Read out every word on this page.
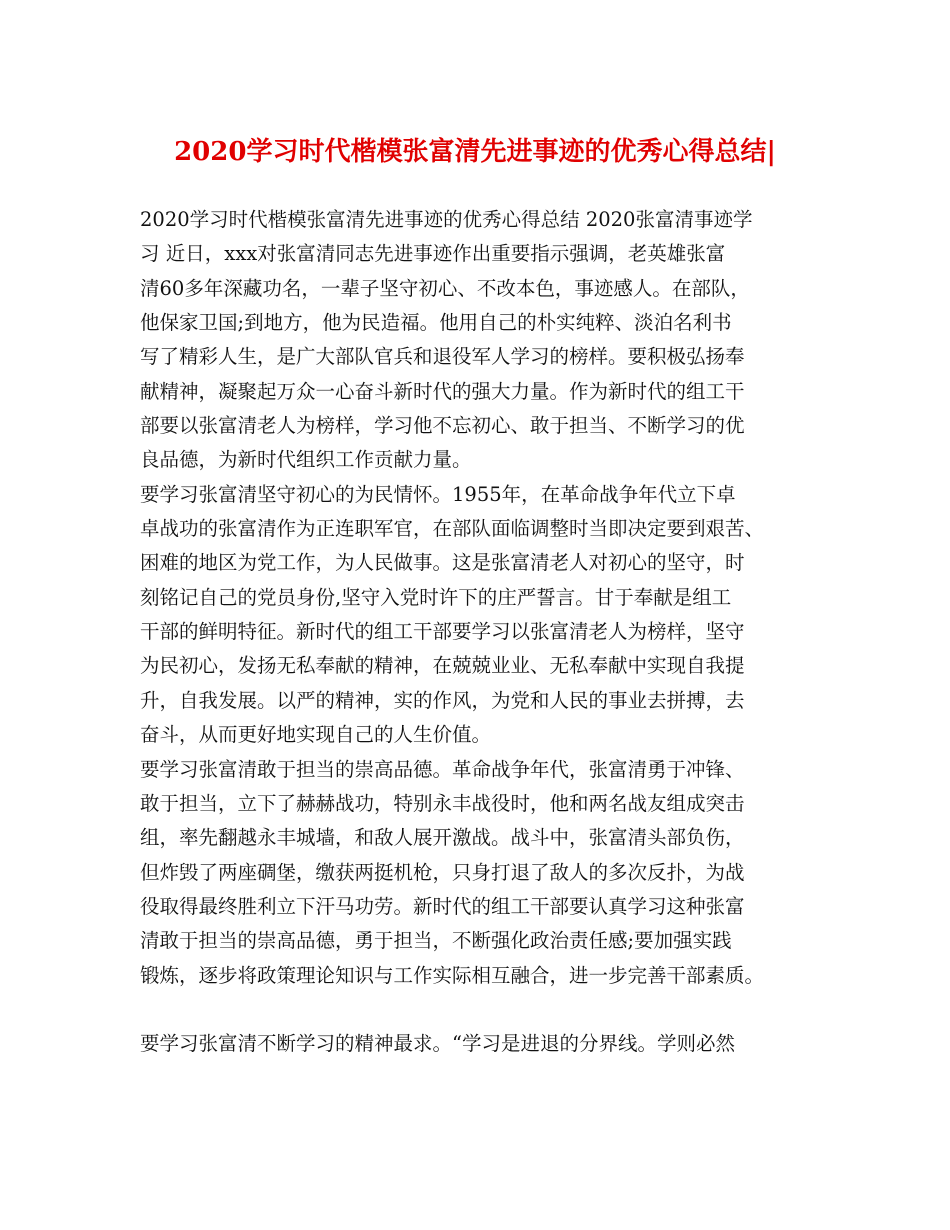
2020学习时代楷模张富清先进事迹的优秀心得总结|
2020学习时代楷模张富清先进事迹的优秀心得总结 2020张富清事迹学
习 近日，xxx对张富清同志先进事迹作出重要指示强调，老英雄张富
清60多年深藏功名，一辈子坚守初心、不改本色，事迹感人。在部队，
他保家卫国;到地方，他为民造福。他用自己的朴实纯粹、淡泊名利书
写了精彩人生，是广大部队官兵和退役军人学习的榜样。要积极弘扬奉
献精神，凝聚起万众一心奋斗新时代的强大力量。作为新时代的组工干
部要以张富清老人为榜样，学习他不忘初心、敢于担当、不断学习的优
良品德，为新时代组织工作贡献力量。
要学习张富清坚守初心的为民情怀。1955年，在革命战争年代立下卓
卓战功的张富清作为正连职军官，在部队面临调整时当即决定要到艰苦、
困难的地区为党工作，为人民做事。这是张富清老人对初心的坚守，时
刻铭记自己的党员身份,坚守入党时许下的庄严誓言。甘于奉献是组工
干部的鲜明特征。新时代的组工干部要学习以张富清老人为榜样，坚守
为民初心，发扬无私奉献的精神，在兢兢业业、无私奉献中实现自我提
升，自我发展。以严的精神，实的作风，为党和人民的事业去拼搏，去
奋斗，从而更好地实现自己的人生价值。
要学习张富清敢于担当的崇高品德。革命战争年代，张富清勇于冲锋、
敢于担当，立下了赫赫战功，特别永丰战役时，他和两名战友组成突击
组，率先翻越永丰城墙，和敌人展开激战。战斗中，张富清头部负伤，
但炸毁了两座碉堡，缴获两挺机枪，只身打退了敌人的多次反扑，为战
役取得最终胜利立下汗马功劳。新时代的组工干部要认真学习这种张富
清敢于担当的崇高品德，勇于担当，不断强化政治责任感;要加强实践
锻炼，逐步将政策理论知识与工作实际相互融合，进一步完善干部素质。
要学习张富清不断学习的精神最求。“学习是进退的分界线。学则必然
